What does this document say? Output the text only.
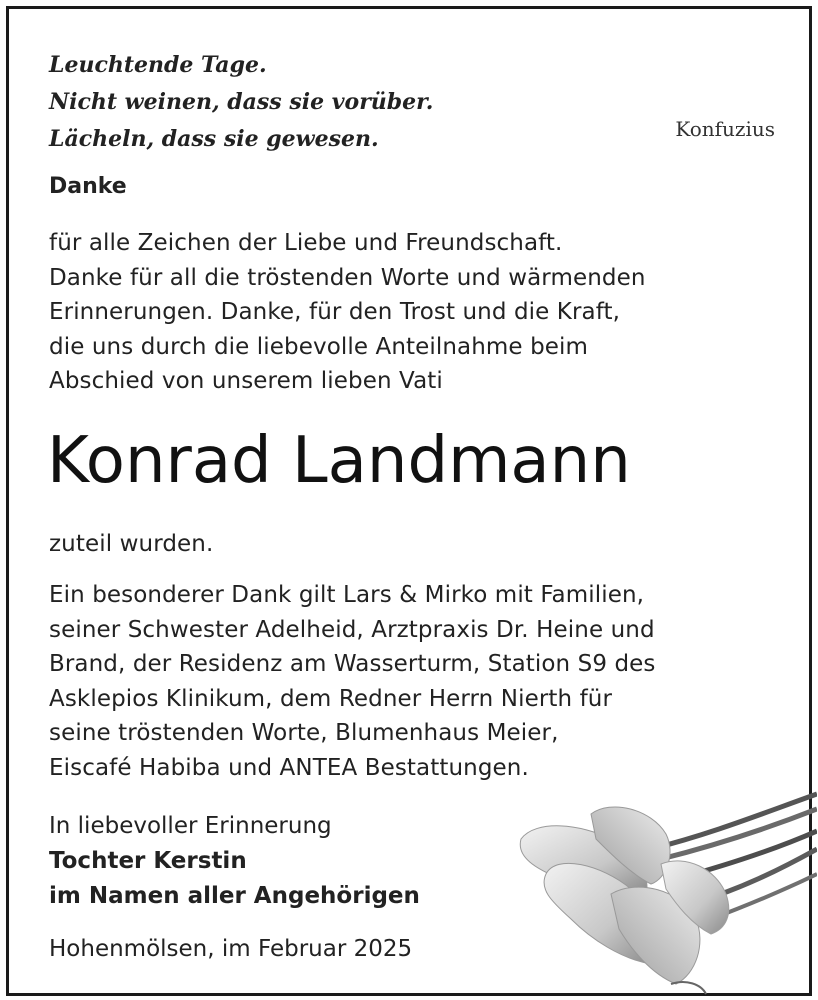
Leuchtende Tage.
Nicht weinen, dass sie vorüber.
Lächeln, dass sie gewesen.	Konfuzius
Danke
für alle Zeichen der Liebe und Freundschaft.
Danke für all die tröstenden Worte und wärmenden
Erinnerungen. Danke, für den Trost und die Kraft,
die uns durch die liebevolle Anteilnahme beim
Abschied von unserem lieben Vati
Konrad Landmann
zuteil wurden.
Ein besonderer Dank gilt Lars & Mirko mit Familien,
seiner Schwester Adelheid, Arztpraxis Dr. Heine und
Brand, der Residenz am Wasserturm, Station S9 des
Asklepios Klinikum, dem Redner Herrn Nierth für
seine tröstenden Worte, Blumenhaus Meier,
Eiscafé Habiba und ANTEA Bestattungen.
In liebevoller Erinnerung
Tochter Kerstin
im Namen aller Angehörigen
Hohenmölsen, im Februar 2025
